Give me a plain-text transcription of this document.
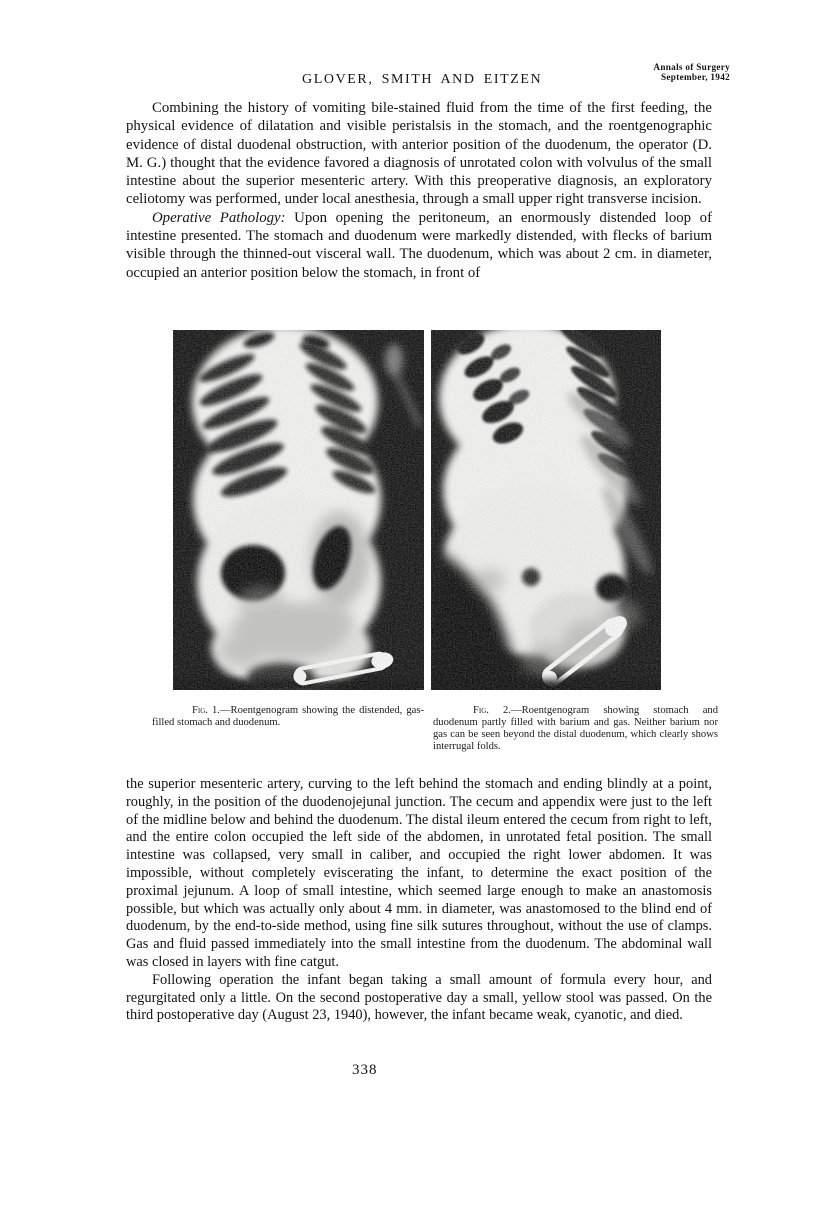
GLOVER, SMITH AND EITZEN
Annals of Surgery
September, 1942

Combining the history of vomiting bile-stained fluid from the time of the first feeding, the physical evidence of dilatation and visible peristalsis in the stomach, and the roentgenographic evidence of distal duodenal obstruction, with anterior position of the duodenum, the operator (D. M. G.) thought that the evidence favored a diagnosis of unrotated colon with volvulus of the small intestine about the superior mesenteric artery. With this preoperative diagnosis, an exploratory celiotomy was performed, under local anesthesia, through a small upper right transverse incision.

Operative Pathology: Upon opening the peritoneum, an enormously distended loop of intestine presented. The stomach and duodenum were markedly distended, with flecks of barium visible through the thinned-out visceral wall. The duodenum, which was about 2 cm. in diameter, occupied an anterior position below the stomach, in front of

Fig. 1.—Roentgenogram showing the distended, gas-filled stomach and duodenum.
Fig. 2.—Roentgenogram showing stomach and duodenum partly filled with barium and gas. Neither barium nor gas can be seen beyond the distal duodenum, which clearly shows interrugal folds.

the superior mesenteric artery, curving to the left behind the stomach and ending blindly at a point, roughly, in the position of the duodenojejunal junction. The cecum and appendix were just to the left of the midline below and behind the duodenum. The distal ileum entered the cecum from right to left, and the entire colon occupied the left side of the abdomen, in unrotated fetal position. The small intestine was collapsed, very small in caliber, and occupied the right lower abdomen. It was impossible, without completely eviscerating the infant, to determine the exact position of the proximal jejunum. A loop of small intestine, which seemed large enough to make an anastomosis possible, but which was actually only about 4 mm. in diameter, was anastomosed to the blind end of duodenum, by the end-to-side method, using fine silk sutures throughout, without the use of clamps. Gas and fluid passed immediately into the small intestine from the duodenum. The abdominal wall was closed in layers with fine catgut.

Following operation the infant began taking a small amount of formula every hour, and regurgitated only a little. On the second postoperative day a small, yellow stool was passed. On the third postoperative day (August 23, 1940), however, the infant became weak, cyanotic, and died.

338
